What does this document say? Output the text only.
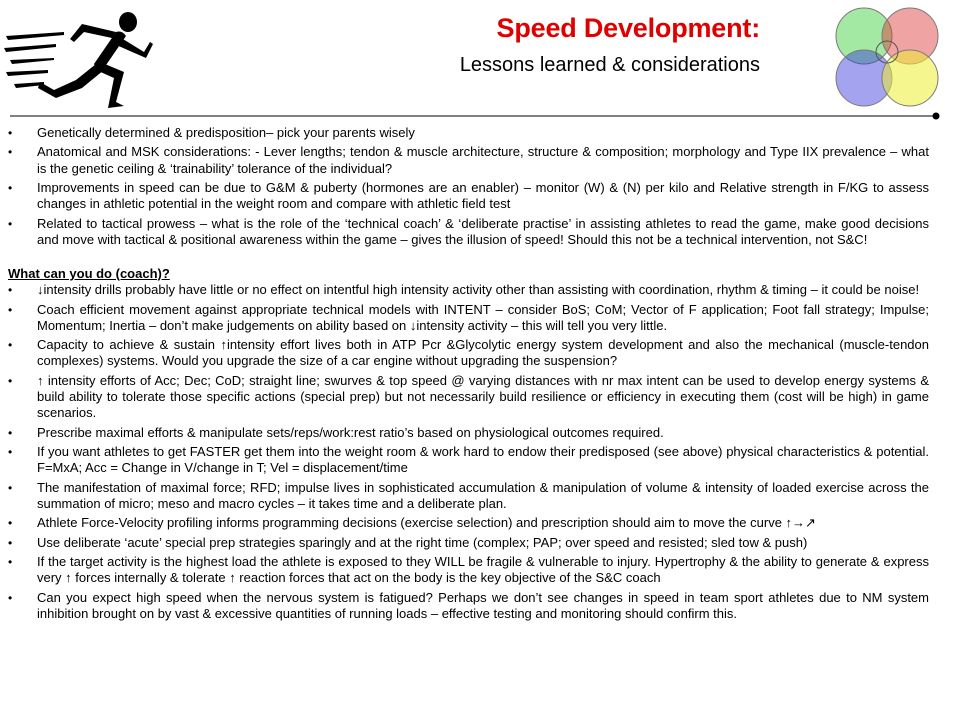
Speed Development:
Lessons learned & considerations
• Genetically determined & predisposition– pick your parents wisely
• Anatomical and MSK considerations: - Lever lengths; tendon & muscle architecture, structure & composition; morphology and Type IIX prevalence – what is the genetic ceiling & ‘trainability’ tolerance of the individual?
• Improvements in speed can be due to G&M & puberty (hormones are an enabler) – monitor (W) & (N) per kilo and Relative strength in F/KG to assess changes in athletic potential in the weight room and compare with athletic field test
• Related to tactical prowess – what is the role of the ‘technical coach’ & ‘deliberate practise’ in assisting athletes to read the game, make good decisions and move with tactical & positional awareness within the game – gives the illusion of speed! Should this not be a technical intervention, not S&C!
What can you do (coach)?
• ↓intensity drills probably have little or no effect on intentful high intensity activity other than assisting with coordination, rhythm & timing – it could be noise!
• Coach efficient movement against appropriate technical models with INTENT – consider BoS; CoM; Vector of F application; Foot fall strategy; Impulse; Momentum; Inertia – don’t make judgements on ability based on ↓intensity activity – this will tell you very little.
• Capacity to achieve & sustain ↑intensity effort lives both in ATP Pcr &Glycolytic energy system development and also the mechanical (muscle-tendon complexes) systems. Would you upgrade the size of a car engine without upgrading the suspension?
• ↑ intensity efforts of Acc; Dec; CoD; straight line; swurves & top speed @ varying distances with nr max intent can be used to develop energy systems & build ability to tolerate those specific actions (special prep) but not necessarily build resilience or efficiency in executing them (cost will be high) in game scenarios.
• Prescribe maximal efforts & manipulate sets/reps/work:rest ratio’s based on physiological outcomes required.
• If you want athletes to get FASTER get them into the weight room & work hard to endow their predisposed (see above) physical characteristics & potential. F=MxA; Acc = Change in V/change in T; Vel = displacement/time
• The manifestation of maximal force; RFD; impulse lives in sophisticated accumulation & manipulation of volume & intensity of loaded exercise across the summation of micro; meso and macro cycles – it takes time and a deliberate plan.
• Athlete Force-Velocity profiling informs programming decisions (exercise selection) and prescription should aim to move the curve ↑→↗
• Use deliberate ‘acute’ special prep strategies sparingly and at the right time (complex; PAP; over speed and resisted; sled tow & push)
• If the target activity is the highest load the athlete is exposed to they WILL be fragile & vulnerable to injury. Hypertrophy & the ability to generate & express very ↑ forces internally & tolerate ↑ reaction forces that act on the body is the key objective of the S&C coach
• Can you expect high speed when the nervous system is fatigued? Perhaps we don’t see changes in speed in team sport athletes due to NM system inhibition brought on by vast & excessive quantities of running loads – effective testing and monitoring should confirm this.
